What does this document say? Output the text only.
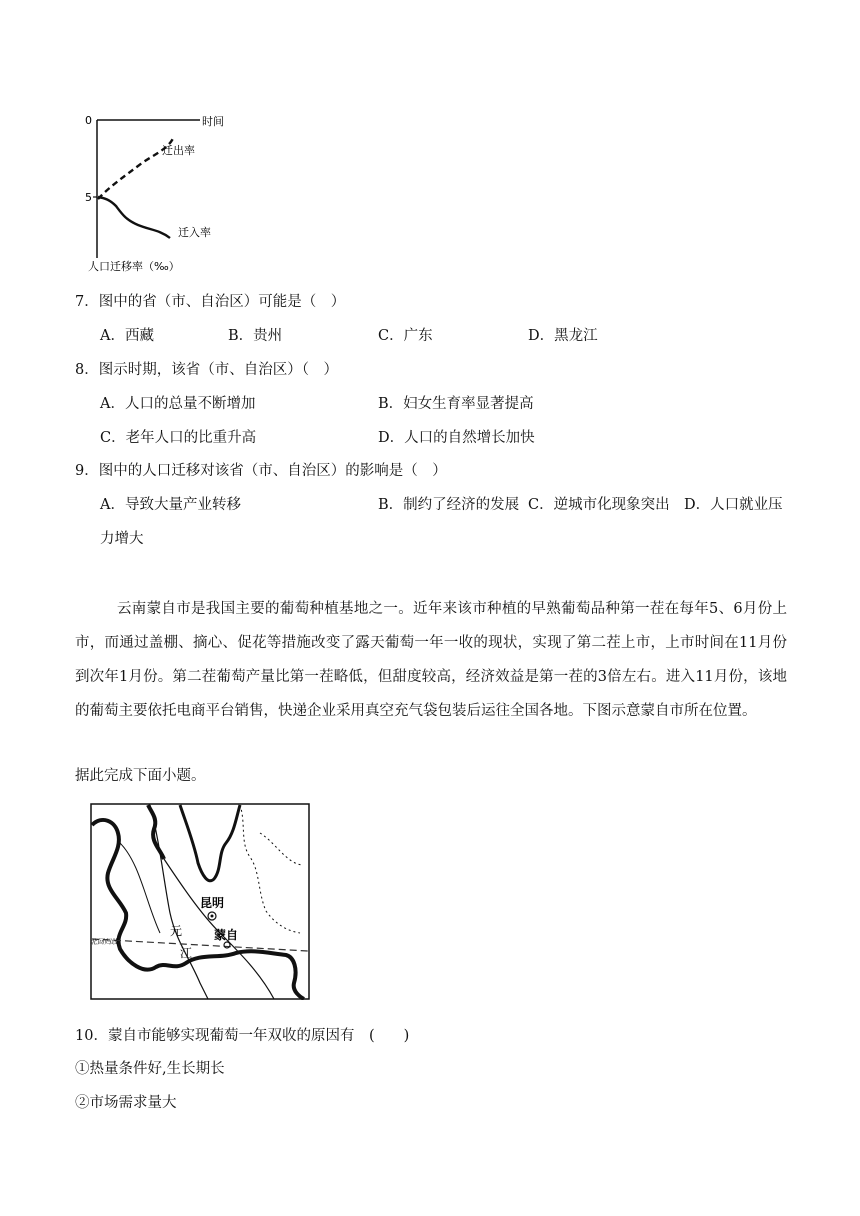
0
5
时间
迁出率
迁入率
人口迁移率（‰）
7．图中的省（市、自治区）可能是（　）
A．西藏	B．贵州	C．广东	D．黑龙江
8．图示时期，该省（市、自治区）（　）
A．人口的总量不断增加	B．妇女生育率显著提高
C．老年人口的比重升高	D．人口的自然增长加快
9．图中的人口迁移对该省（市、自治区）的影响是（　）
A．导致大量产业转移	B．制约了经济的发展 C．逆城市化现象突出 D．人口就业压
力增大
云南蒙自市是我国主要的葡萄种植基地之一。近年来该市种植的早熟葡萄品种第一茬在每年5、6月份上市，而通过盖棚、摘心、促花等措施改变了露天葡萄一年一收的现状，实现了第二茬上市，上市时间在11月份到次年1月份。第二茬葡萄产量比第一茬略低，但甜度较高，经济效益是第一茬的3倍左右。进入11月份，该地的葡萄主要依托电商平台销售，快递企业采用真空充气袋包装后运往全国各地。下图示意蒙自市所在位置。
据此完成下面小题。
昆明
蒙自
元
江
北回归线
10．蒙自市能够实现葡萄一年双收的原因有　(　　)
①热量条件好,生长期长
②市场需求量大
